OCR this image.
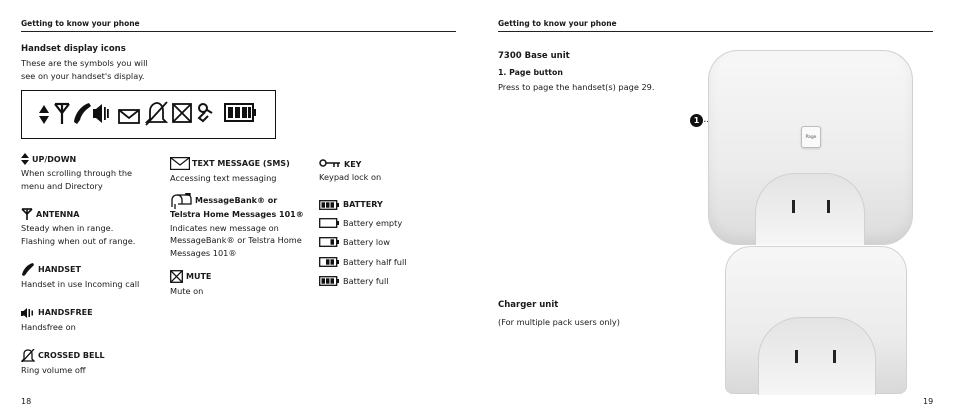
Getting to know your phone
Handset display icons
These are the symbols you will
see on your handset's display.
UP/DOWN
When scrolling through the
menu and Directory
ANTENNA
Steady when in range.
Flashing when out of range.
HANDSET
Handset in use Incoming call
HANDSFREE
Handsfree on
CROSSED BELL
Ring volume off
TEXT MESSAGE (SMS)
Accessing text messaging
MessageBank® or
Telstra Home Messages 101®
Indicates new message on
MessageBank® or Telstra Home
Messages 101®
MUTE
Mute on
KEY
Keypad lock on
BATTERY
Battery empty
Battery low
Battery half full
Battery full
18
Getting to know your phone
7300 Base unit
1. Page button
Press to page the handset(s) page 29.
Charger unit
(For multiple pack users only)
1
Page
19
